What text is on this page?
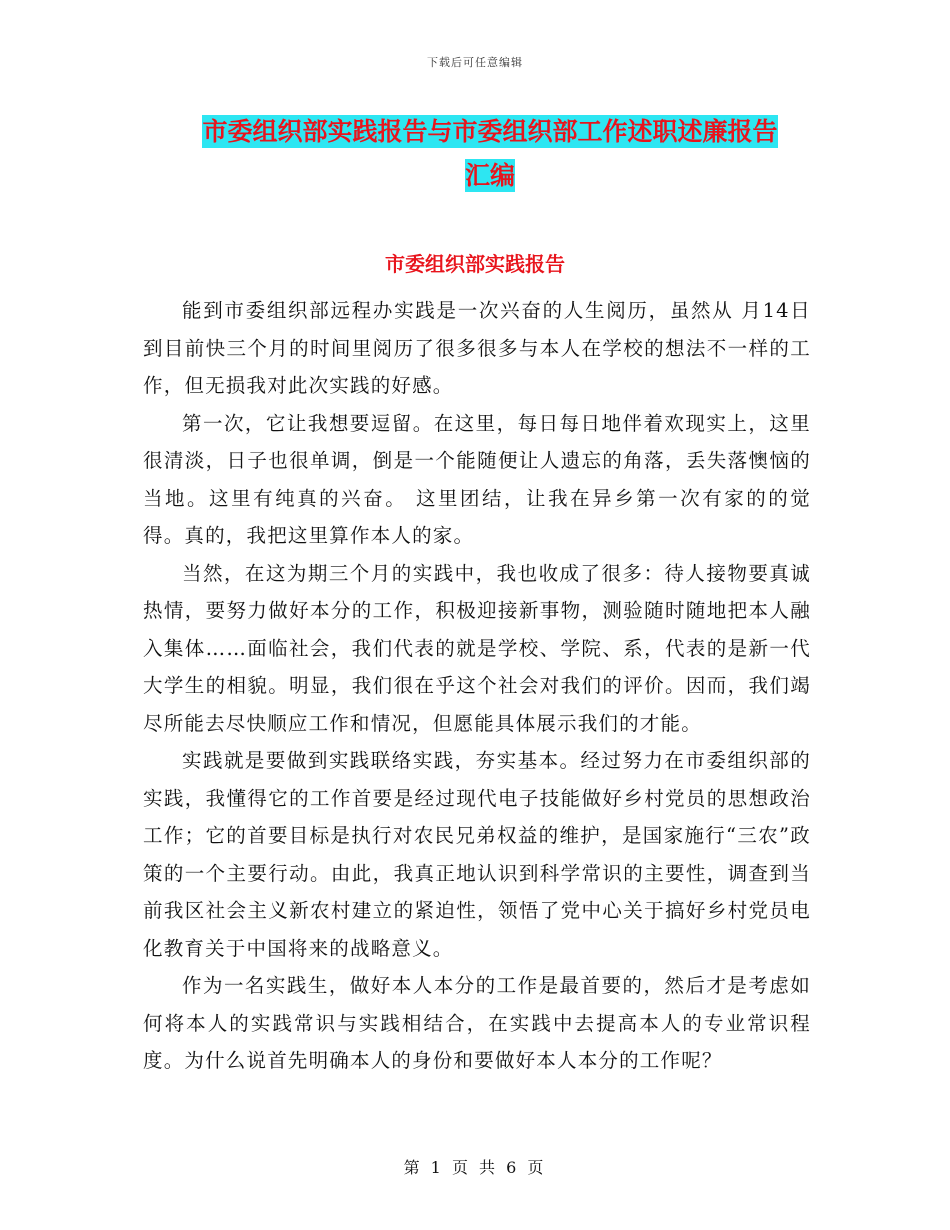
下载后可任意编辑
市委组织部实践报告与市委组织部工作述职述廉报告
汇编
市委组织部实践报告

能到市委组织部远程办实践是一次兴奋的人生阅历，虽然从 月14日到目前快三个月的时间里阅历了很多很多与本人在学校的想法不一样的工作，但无损我对此次实践的好感。

第一次，它让我想要逗留。在这里，每日每日地伴着欢现实上，这里很清淡，日子也很单调，倒是一个能随便让人遗忘的角落，丢失落懊恼的当地。这里有纯真的兴奋。 这里团结，让我在异乡第一次有家的的觉得。真的，我把这里算作本人的家。

当然，在这为期三个月的实践中，我也收成了很多：待人接物要真诚热情，要努力做好本分的工作，积极迎接新事物，测验随时随地把本人融入集体……面临社会，我们代表的就是学校、学院、系，代表的是新一代大学生的相貌。明显，我们很在乎这个社会对我们的评价。因而，我们竭尽所能去尽快顺应工作和情况，但愿能具体展示我们的才能。

实践就是要做到实践联络实践，夯实基本。经过努力在市委组织部的实践，我懂得它的工作首要是经过现代电子技能做好乡村党员的思想政治工作；它的首要目标是执行对农民兄弟权益的维护，是国家施行“三农”政策的一个主要行动。由此，我真正地认识到科学常识的主要性，调查到当前我区社会主义新农村建立的紧迫性，领悟了党中心关于搞好乡村党员电化教育关于中国将来的战略意义。

作为一名实践生，做好本人本分的工作是最首要的，然后才是考虑如何将本人的实践常识与实践相结合，在实践中去提高本人的专业常识程度。为什么说首先明确本人的身份和要做好本人本分的工作呢？

第 1 页 共 6 页
